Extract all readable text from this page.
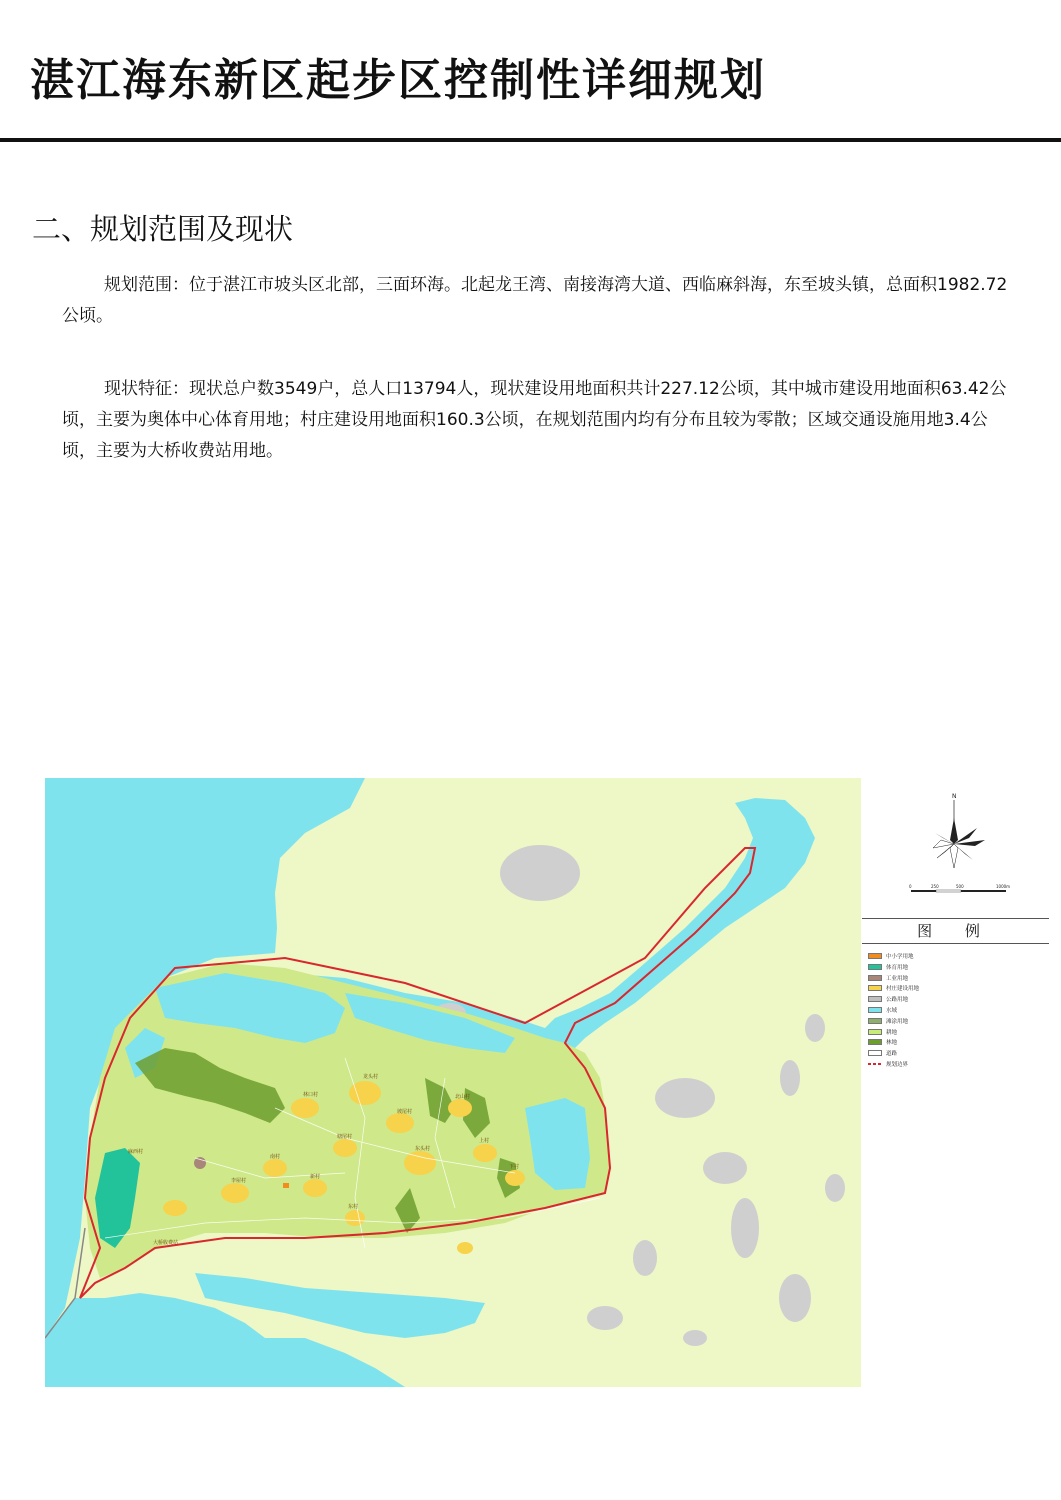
湛江海东新区起步区控制性详细规划
二、规划范围及现状
规划范围：位于湛江市坡头区北部，三面环海。北起龙王湾、南接海湾大道、西临麻斜海，东至坡头镇，总面积1982.72公顷。
现状特征：现状总户数3549户，总人口13794人，现状建设用地面积共计227.12公顷，其中城市建设用地面积63.42公顷，主要为奥体中心体育用地；村庄建设用地面积160.3公顷，在规划范围内均有分布且较为零散；区域交通设施用地3.4公顷，主要为大桥收费站用地。
龙头村
麻西村
林口村
坡尾村
东头村
塘尾村
南村
李屋村
新村
北山村
上村
下村
东村
大桥收费站
N
0	250	500	1000m
图 例
中小学用地
体育用地
工业用地
村庄建设用地
公路用地
水域
滩涂用地
耕地
林地
道路
规划边界
